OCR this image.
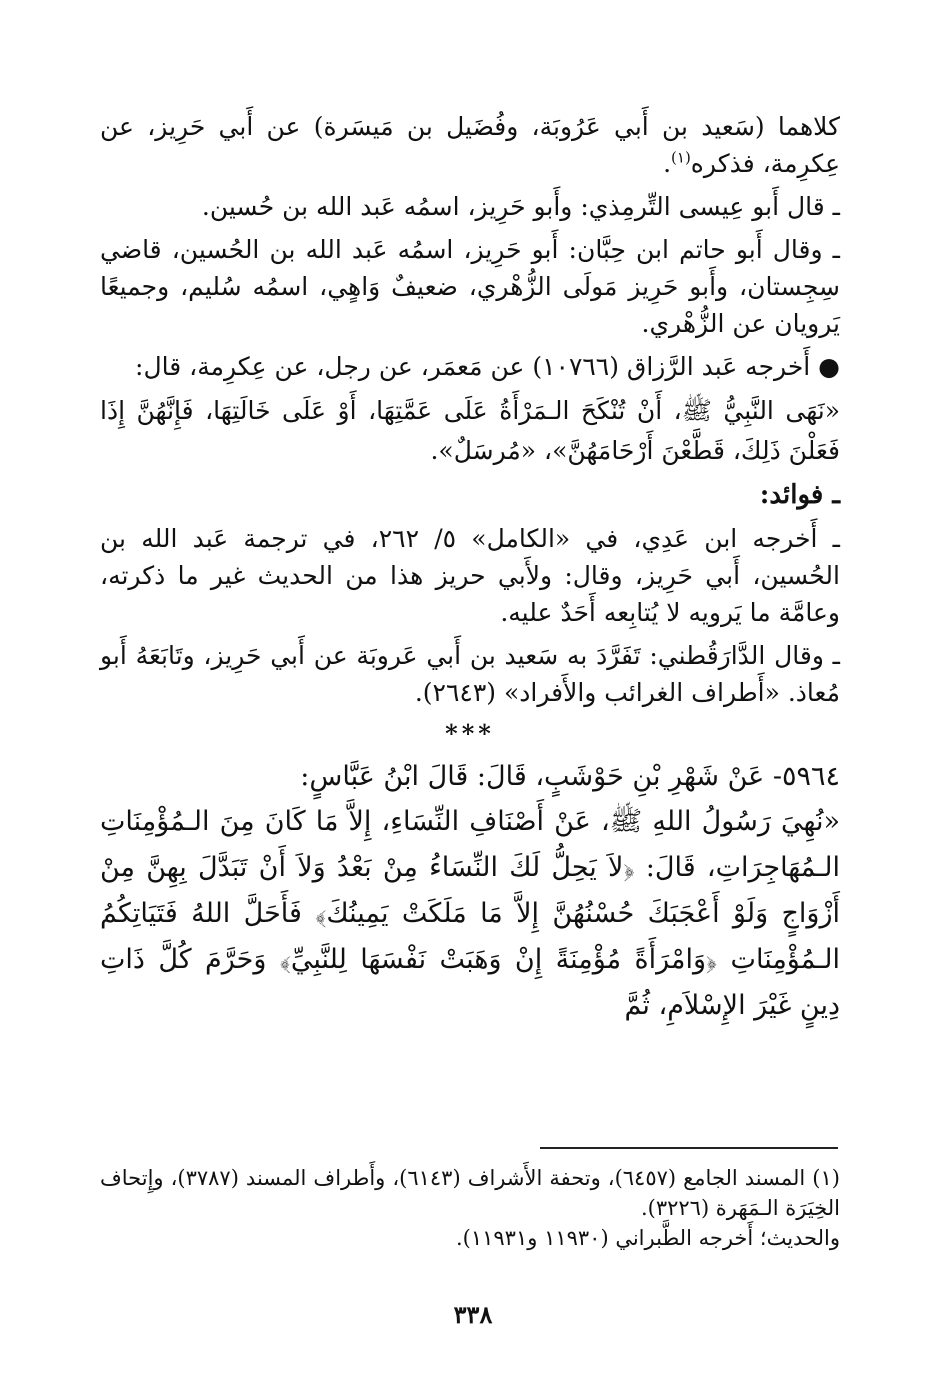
كلاهما (سَعيد بن أَبي عَرُوبَة، وفُضَيل بن مَيسَرة) عن أَبي حَرِيز، عن عِكرِمة، فذكره$^{(١)}$.

ـ قال أَبو عِيسى التِّرمِذي: وأَبو حَرِيز، اسمُه عَبد الله بن حُسين.

ـ وقال أَبو حاتم ابن حِبَّان: أَبو حَرِيز، اسمُه عَبد الله بن الحُسين، قاضي سِجِستان، وأَبو حَرِيز مَولَى الزُّهْري، ضعيفٌ وَاهٍي، اسمُه سُليم، وجميعًا يَرويان عن الزُّهْري.

● أَخرجه عَبد الرَّزاق (١٠٧٦٦) عن مَعمَر، عن رجل، عن عِكرِمة، قال:

«نَهَى النَّبِيُّ ﷺ، أَنْ تُنْكَحَ الـمَرْأَةُ عَلَى عَمَّتِهَا، أَوْ عَلَى خَالَتِهَا، فَإِنَّهُنَّ إِذَا فَعَلْنَ ذَلِكَ، قَطَّعْنَ أَرْحَامَهُنَّ»، «مُرسَلٌ».

ـ فوائد:

ـ أَخرجه ابن عَدِي، في «الكامل» ٥/ ٢٦٢، في ترجمة عَبد الله بن الحُسين، أَبي حَرِيز، وقال: ولأَبي حريز هذا من الحديث غير ما ذكرته، وعامَّة ما يَرويه لا يُتابِعه أَحَدٌ عليه.

ـ وقال الدَّارَقُطني: تَفَرَّدَ به سَعيد بن أَبي عَروبَة عن أَبي حَرِيز، وتَابَعَهُ أَبو مُعاذ. «أَطراف الغرائب والأَفراد» (٢٦٤٣).

***

٥٩٦٤- عَنْ شَهْرِ بْنِ حَوْشَبٍ، قَالَ: قَالَ ابْنُ عَبَّاسٍ:

«نُهِيَ رَسُولُ اللهِ ﷺ، عَنْ أَصْنَافِ النِّسَاءِ، إِلاَّ مَا كَانَ مِنَ الـمُؤْمِنَاتِ الـمُهَاجِرَاتِ، قَالَ: ﴿لاَ يَحِلُّ لَكَ النِّسَاءُ مِنْ بَعْدُ وَلاَ أَنْ تَبَدَّلَ بِهِنَّ مِنْ أَزْوَاجٍ وَلَوْ أَعْجَبَكَ حُسْنُهُنَّ إِلاَّ مَا مَلَكَتْ يَمِينُكَ﴾ فَأَحَلَّ اللهُ فَتَيَاتِكُمُ الـمُؤْمِنَاتِ ﴿وَامْرَأَةً مُؤْمِنَةً إِنْ وَهَبَتْ نَفْسَهَا لِلنَّبِيِّ﴾ وَحَرَّمَ كُلَّ ذَاتِ دِينٍ غَيْرَ الإِسْلاَمِ، ثُمَّ

(١) المسند الجامع (٦٤٥٧)، وتحفة الأَشراف (٦١٤٣)، وأَطراف المسند (٣٧٨٧)، وإِتحاف الخِيَرَة الـمَهَرة (٣٢٢٦).

والحديث؛ أَخرجه الطَّبراني (١١٩٣٠ و١١٩٣١).

٣٣٨
